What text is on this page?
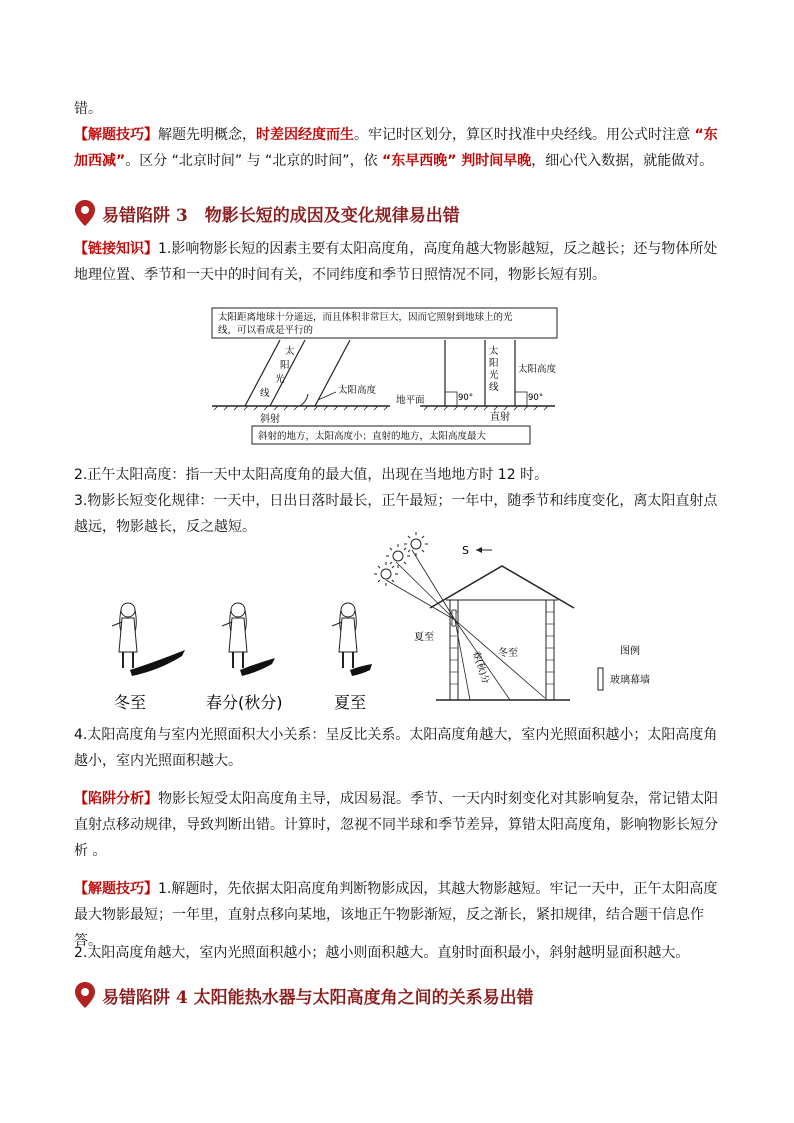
错。
【解题技巧】解题先明概念，时差因经度而生。牢记时区划分，算区时找准中央经线。用公式时注意 “东加西减”。区分 “北京时间” 与 “北京的时间”，依 “东早西晚” 判时间早晚，细心代入数据，就能做对。
易错陷阱 3　物影长短的成因及变化规律易出错
【链接知识】1.影响物影长短的因素主要有太阳高度角，高度角越大物影越短，反之越长；还与物体所处地理位置、季节和一天中的时间有关，不同纬度和季节日照情况不同，物影长短有别。
太阳距离地球十分遥远，而且体积非常巨大，因而它照射到地球上的光
线，可以看成是平行的
太
阳
光
线	太阳高度
斜射
地平面
太
阳
光
线
90°	90°
太阳高度
直射
斜射的地方，太阳高度小；直射的地方，太阳高度最大
2.正午太阳高度：指一天中太阳高度角的最大值，出现在当地地方时 12 时。
3.物影长短变化规律：一天中，日出日落时最长，正午最短；一年中，随季节和纬度变化，离太阳直射点越远，物影越长，反之越短。
冬至	春分(秋分)	夏至
S
夏至
冬至
春(秋)分	图例
玻璃幕墙
4.太阳高度角与室内光照面积大小关系：呈反比关系。太阳高度角越大，室内光照面积越小；太阳高度角越小，室内光照面积越大。
【陷阱分析】物影长短受太阳高度角主导，成因易混。季节、一天内时刻变化对其影响复杂，常记错太阳直射点移动规律，导致判断出错。计算时，忽视不同半球和季节差异，算错太阳高度角，影响物影长短分析 。
【解题技巧】1.解题时，先依据太阳高度角判断物影成因，其越大物影越短。牢记一天中，正午太阳高度最大物影最短；一年里，直射点移向某地，该地正午物影渐短，反之渐长，紧扣规律，结合题干信息作答。
2.太阳高度角越大，室内光照面积越小；越小则面积越大。直射时面积最小，斜射越明显面积越大。
易错陷阱 4 太阳能热水器与太阳高度角之间的关系易出错
